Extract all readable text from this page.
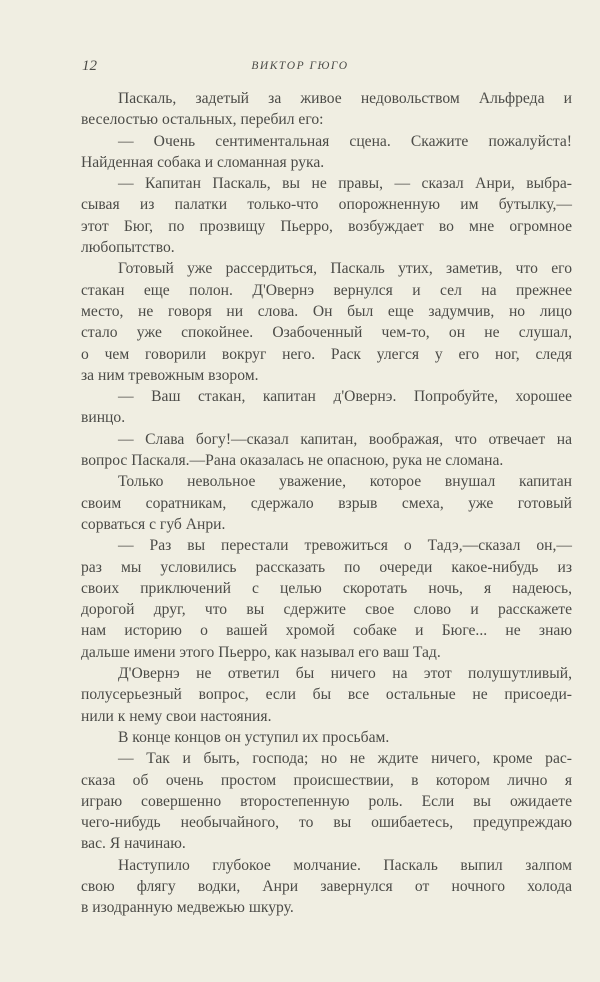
12	ВИКТОР ГЮГО
Паскаль, задетый за живое недовольством Альфреда и
веселостью остальных, перебил его:
— Очень сентиментальная сцена. Скажите пожалуйста!
Найденная собака и сломанная рука.
— Капитан Паскаль, вы не правы, — сказал Анри, выбра-
сывая из палатки только-что опорожненную им бутылку,—
этот Бюг, по прозвищу Пьерро, возбуждает во мне огромное
любопытство.
Готовый уже рассердиться, Паскаль утих, заметив, что его
стакан еще полон. Д'Овернэ вернулся и сел на прежнее
место, не говоря ни слова. Он был еще задумчив, но лицо
стало уже спокойнее. Озабоченный чем-то, он не слушал,
о чем говорили вокруг него. Раск улегся у его ног, следя
за ним тревожным взором.
— Ваш стакан, капитан д'Овернэ. Попробуйте, хорошее
винцо.
— Слава богу!—сказал капитан, воображая, что отвечает на
вопрос Паскаля.—Рана оказалась не опасною, рука не сломана.
Только невольное уважение, которое внушал капитан
своим соратникам, сдержало взрыв смеха, уже готовый
сорваться с губ Анри.
— Раз вы перестали тревожиться о Тадэ,—сказал он,—
раз мы условились рассказать по очереди какое-нибудь из
своих приключений с целью скоротать ночь, я надеюсь,
дорогой друг, что вы сдержите свое слово и расскажете
нам историю о вашей хромой собаке и Бюге... не знаю
дальше имени этого Пьерро, как называл его ваш Тад.
Д'Овернэ не ответил бы ничего на этот полушутливый,
полусерьезный вопрос, если бы все остальные не присоеди-
нили к нему свои настояния.
В конце концов он уступил их просьбам.
— Так и быть, господа; но не ждите ничего, кроме рас-
сказа об очень простом происшествии, в котором лично я
играю совершенно второстепенную роль. Если вы ожидаете
чего-нибудь необычайного, то вы ошибаетесь, предупреждаю
вас. Я начинаю.
Наступило глубокое молчание. Паскаль выпил залпом
свою флягу водки, Анри завернулся от ночного холода
в изодранную медвежью шкуру.
